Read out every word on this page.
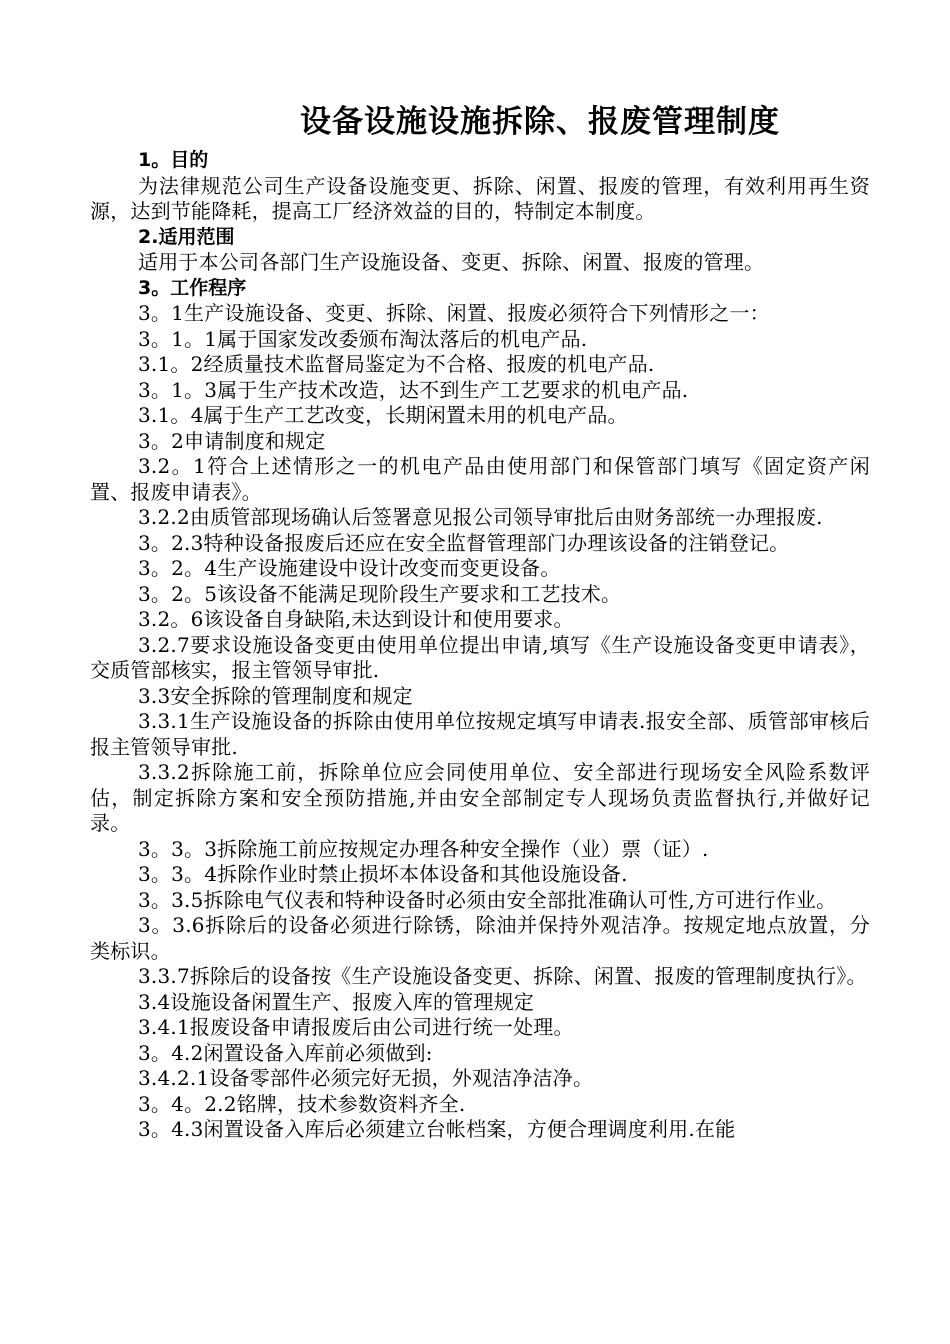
设备设施设施拆除、报废管理制度

1。目的

为法律规范公司生产设备设施变更、拆除、闲置、报废的管理，有效利用再生资源，达到节能降耗，提高工厂经济效益的目的，特制定本制度。

2.适用范围

适用于本公司各部门生产设施设备、变更、拆除、闲置、报废的管理。

3。工作程序

3。1生产设施设备、变更、拆除、闲置、报废必须符合下列情形之一：

3。1。1属于国家发改委颁布淘汰落后的机电产品.

3.1。2经质量技术监督局鉴定为不合格、报废的机电产品.

3。1。3属于生产技术改造，达不到生产工艺要求的机电产品.

3.1。4属于生产工艺改变，长期闲置未用的机电产品。

3。2申请制度和规定

3.2。1符合上述情形之一的机电产品由使用部门和保管部门填写《固定资产闲置、报废申请表》。

3.2.2由质管部现场确认后签署意见报公司领导审批后由财务部统一办理报废.

3。2.3特种设备报废后还应在安全监督管理部门办理该设备的注销登记。

3。2。4生产设施建设中设计改变而变更设备。

3。2。5该设备不能满足现阶段生产要求和工艺技术。

3.2。6该设备自身缺陷,未达到设计和使用要求。

3.2.7要求设施设备变更由使用单位提出申请,填写《生产设施设备变更申请表》，交质管部核实，报主管领导审批.

3.3安全拆除的管理制度和规定

3.3.1生产设施设备的拆除由使用单位按规定填写申请表.报安全部、质管部审核后报主管领导审批.

3.3.2拆除施工前，拆除单位应会同使用单位、安全部进行现场安全风险系数评估，制定拆除方案和安全预防措施,并由安全部制定专人现场负责监督执行,并做好记录。

3。3。3拆除施工前应按规定办理各种安全操作（业）票（证）.

3。3。4拆除作业时禁止损坏本体设备和其他设施设备.

3。3.5拆除电气仪表和特种设备时必须由安全部批准确认可性,方可进行作业。

3。3.6拆除后的设备必须进行除锈，除油并保持外观洁净。按规定地点放置，分类标识。

3.3.7拆除后的设备按《生产设施设备变更、拆除、闲置、报废的管理制度执行》。

3.4设施设备闲置生产、报废入库的管理规定

3.4.1报废设备申请报废后由公司进行统一处理。

3。4.2闲置设备入库前必须做到:

3.4.2.1设备零部件必须完好无损，外观洁净洁净。

3。4。2.2铭牌，技术参数资料齐全.

3。4.3闲置设备入库后必须建立台帐档案，方便合理调度利用.在能
